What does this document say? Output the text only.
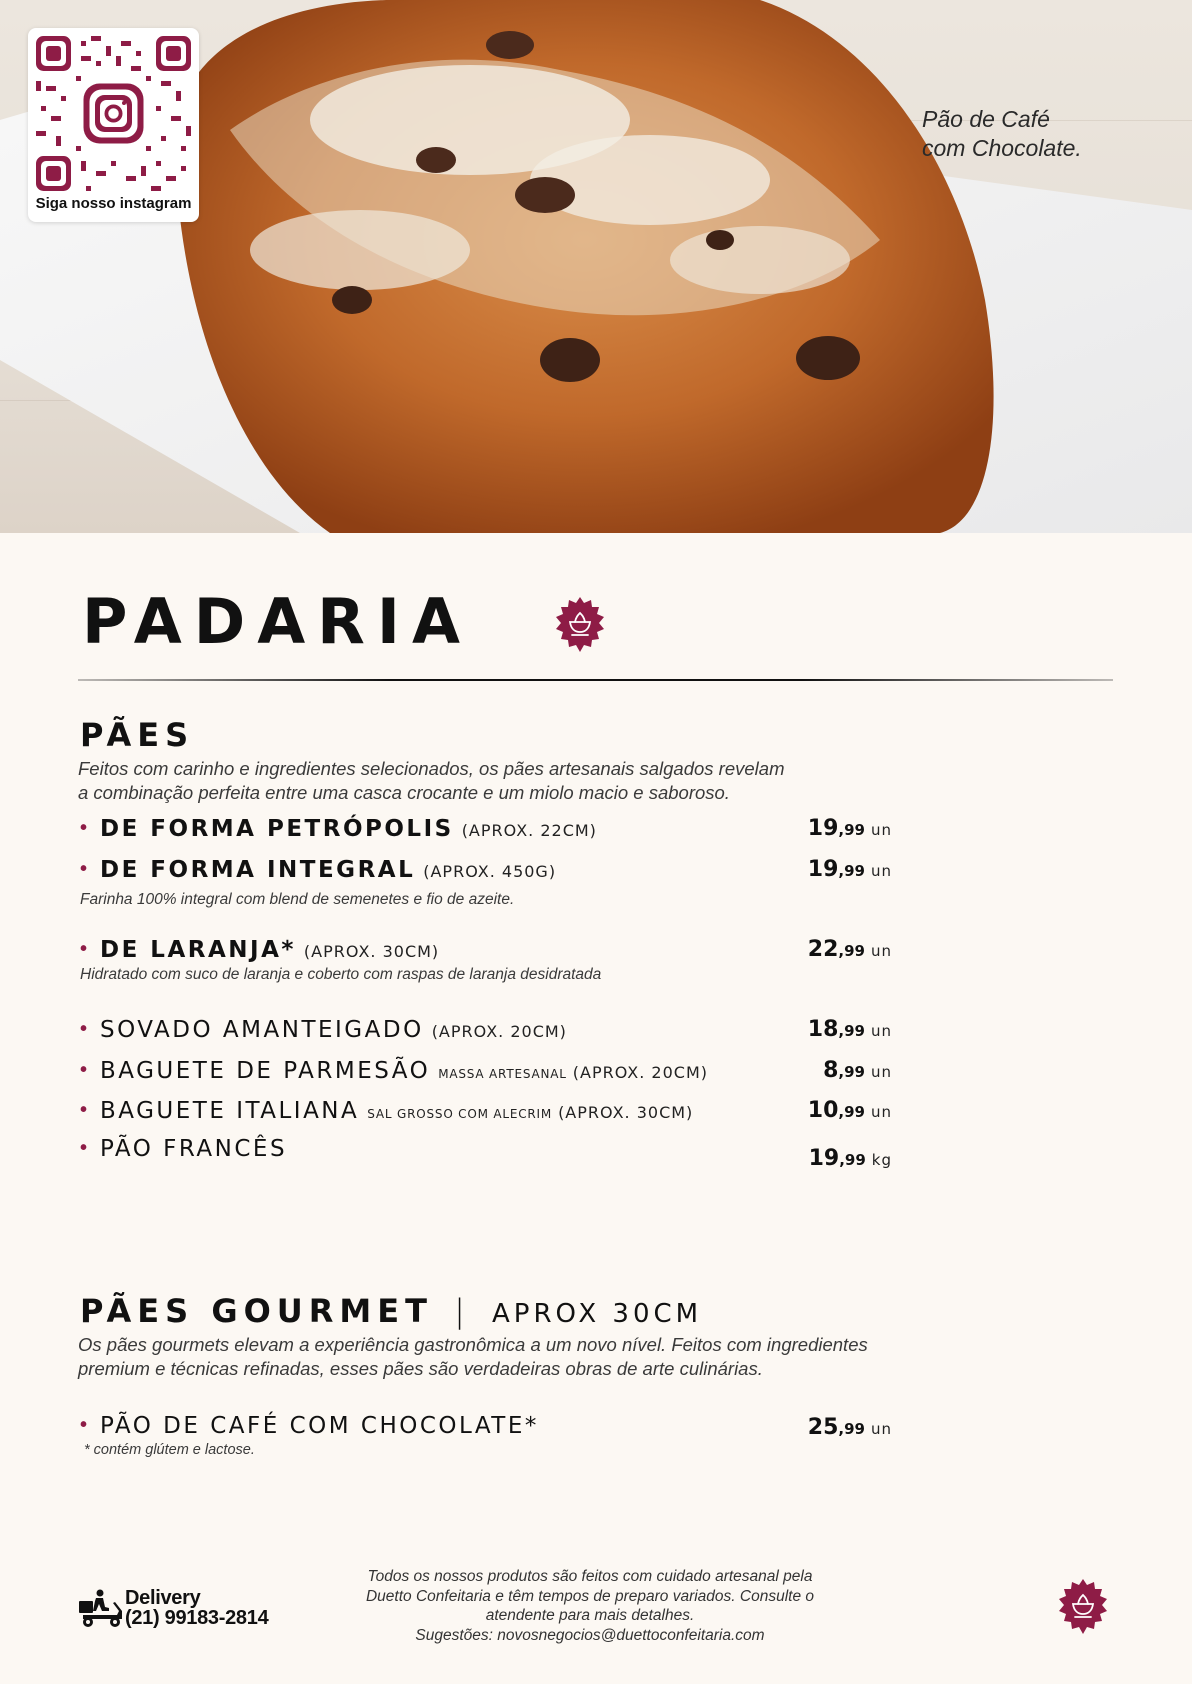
Pão de Café
com Chocolate.
Siga nosso instagram
PADARIA
PÃES
Feitos com carinho e ingredientes selecionados, os pães artesanais salgados revelam
a combinação perfeita entre uma casca crocante e um miolo macio e saboroso.
• DE FORMA PETRÓPOLIS (APROX. 22CM)	19,99 un
• DE FORMA INTEGRAL (APROX. 450G)	19,99 un
Farinha 100% integral com blend de semenetes e fio de azeite.
• DE LARANJA* (APROX. 30CM)	22,99 un
Hidratado com suco de laranja e coberto com raspas de laranja desidratada
• SOVADO AMANTEIGADO (APROX. 20CM)	18,99 un
• BAGUETE DE PARMESÃO MASSA ARTESANAL (APROX. 20CM)	8,99 un
• BAGUETE ITALIANA SAL GROSSO COM ALECRIM (APROX. 30CM)	10,99 un
• PÃO FRANCÊS	19,99 kg
PÃES GOURMET | APROX 30CM
Os pães gourmets elevam a experiência gastronômica a um novo nível. Feitos com ingredientes
premium e técnicas refinadas, esses pães são verdadeiras obras de arte culinárias.
• PÃO DE CAFÉ COM CHOCOLATE*	25,99 un
* contém glútem e lactose.
Delivery
(21) 99183-2814
Todos os nossos produtos são feitos com cuidado artesanal pela
Duetto Confeitaria e têm tempos de preparo variados. Consulte o
atendente para mais detalhes.
Sugestões: novosnegocios@duettoconfeitaria.com
